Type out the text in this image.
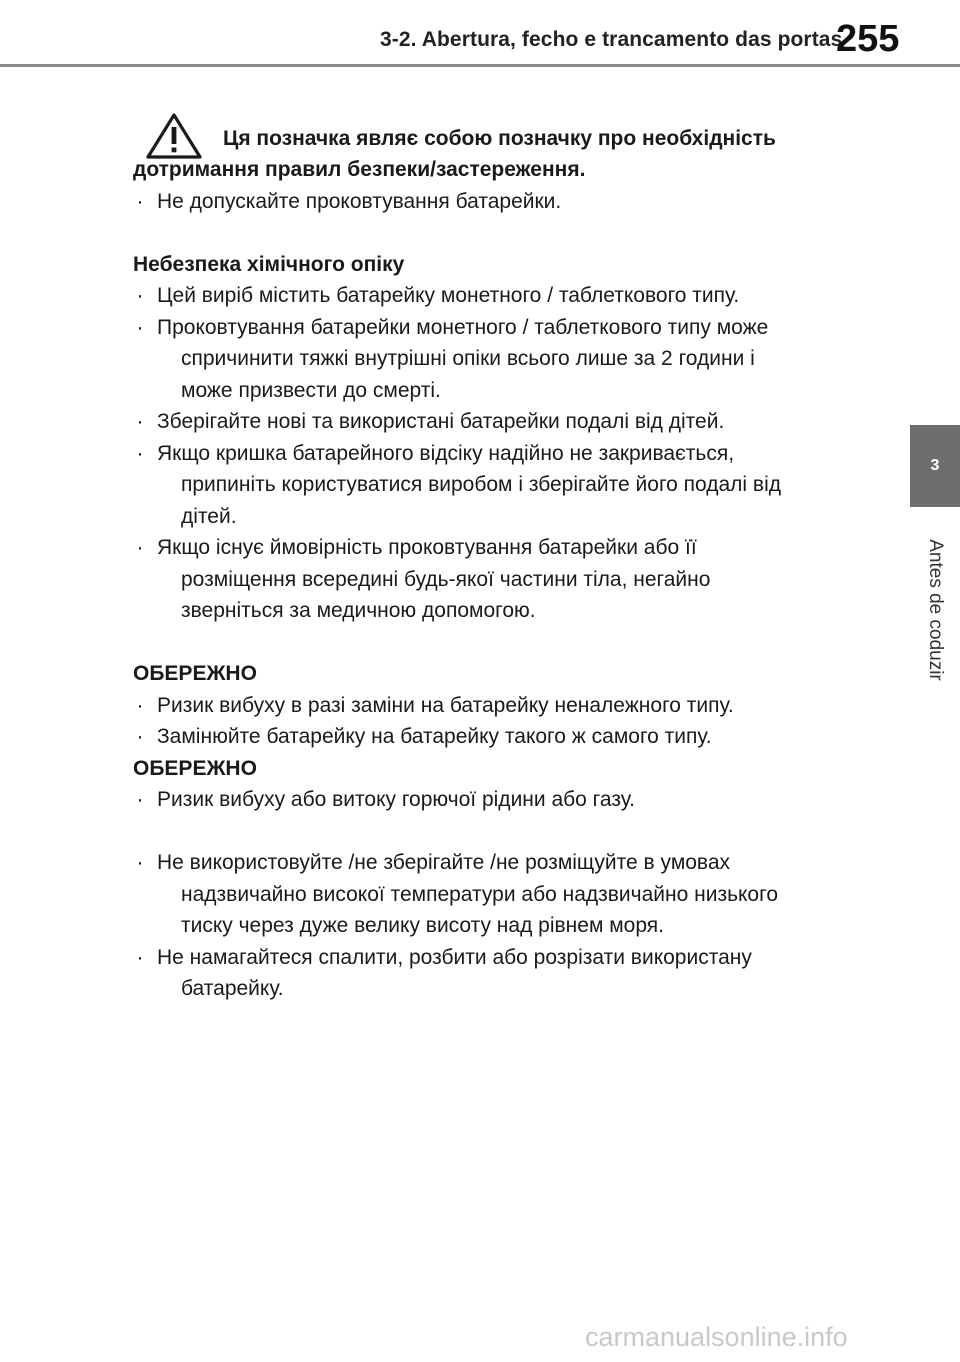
3-2. Abertura, fecho e trancamento das portas
255
3
Antes de coduzir
Ця позначка являє собою позначку про необхідність
дотримання правил безпеки/застереження.
· Не допускайте проковтування батарейки.
Небезпека хімічного опіку
· Цей виріб містить батарейку монетного / таблеткового типу.
· Проковтування батарейки монетного / таблеткового типу може
спричинити тяжкі внутрішні опіки всього лише за 2 години і
може призвести до смерті.
· Зберігайте нові та використані батарейки подалі від дітей.
· Якщо кришка батарейного відсіку надійно не закривається,
припиніть користуватися виробом і зберігайте його подалі від
дітей.
· Якщо існує ймовірність проковтування батарейки або її
розміщення всередині будь-якої частини тіла, негайно
зверніться за медичною допомогою.
ОБЕРЕЖНО
· Ризик вибуху в разі заміни на батарейку неналежного типу.
· Замінюйте батарейку на батарейку такого ж самого типу.
ОБЕРЕЖНО
· Ризик вибуху або витоку горючої рідини або газу.
· Не використовуйте /не зберігайте /не розміщуйте в умовах
надзвичайно високої температури або надзвичайно низького
тиску через дуже велику висоту над рівнем моря.
· Не намагайтеся спалити, розбити або розрізати використану
батарейку.
carmanualsonline.info
